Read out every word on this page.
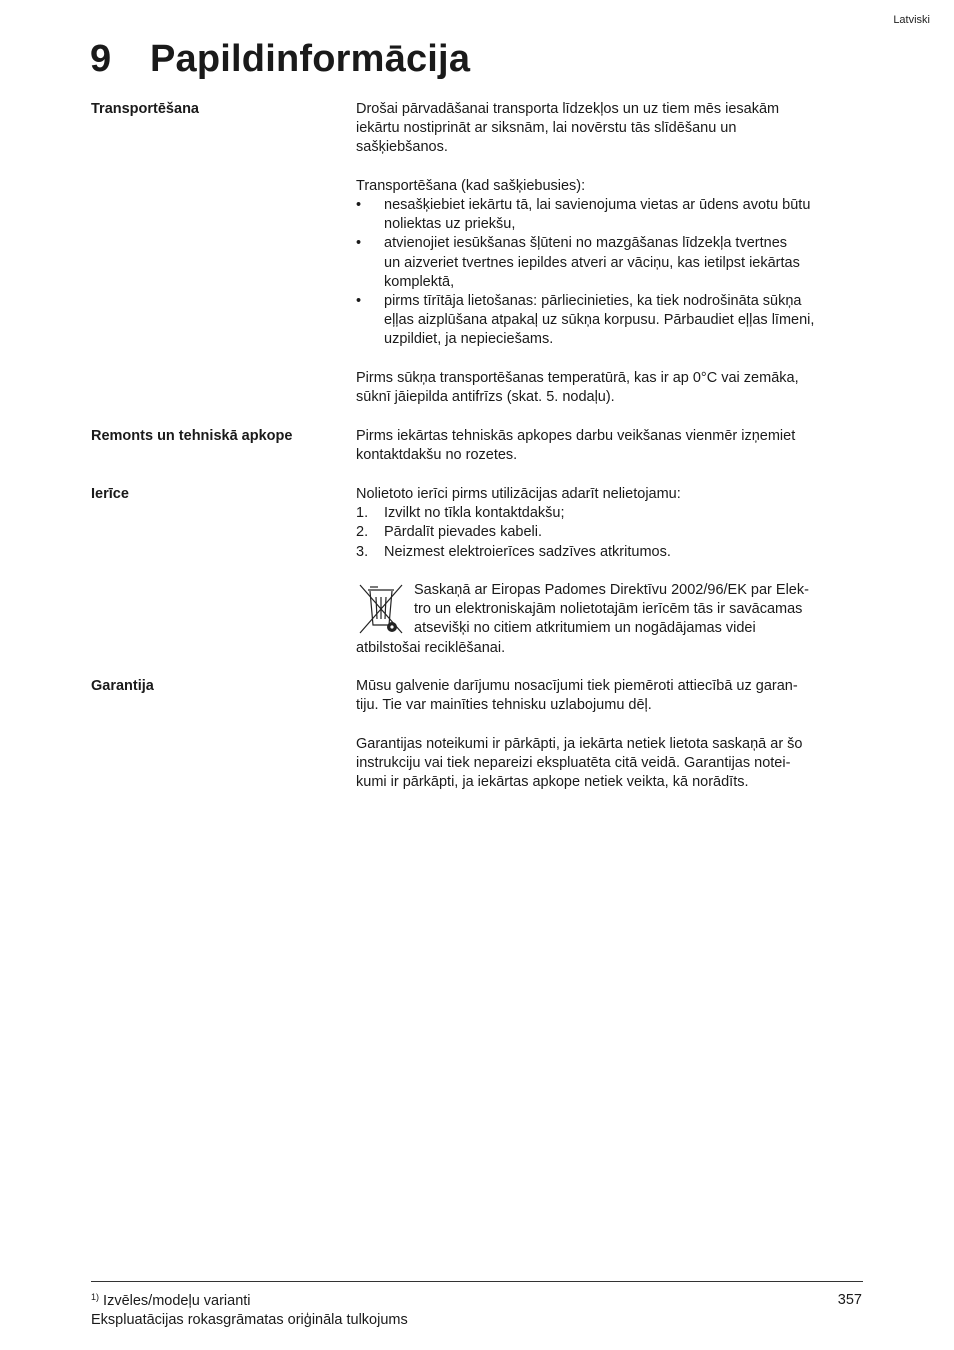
Latviski
9 Papildinformācija
Transportēšana	Drošai pārvadāšanai transporta līdzekļos un uz tiem mēs iesakām

iekārtu nostiprināt ar siksnām, lai novērstu tās slīdēšanu un

sašķiebšanos.

Transportēšana (kad sašķiebusies):

• nesašķiebiet iekārtu tā, lai savienojuma vietas ar ūdens avotu būtu

noliektas uz priekšu,

• atvienojiet iesūkšanas šļūteni no mazgāšanas līdzekļa tvertnes

un aizveriet tvertnes iepildes atveri ar vāciņu, kas ietilpst iekārtas

komplektā,

• pirms tīrītāja lietošanas: pārliecinieties, ka tiek nodrošināta sūkņa

eļļas aizplūšana atpakaļ uz sūkņa korpusu. Pārbaudiet eļļas līmeni,

uzpildiet, ja nepieciešams.

Pirms sūkņa transportēšanas temperatūrā, kas ir ap 0°C vai zemāka,

sūknī jāiepilda antifrīzs (skat. 5. nodaļu).

Remonts un tehniskā apkope	Pirms iekārtas tehniskās apkopes darbu veikšanas vienmēr izņemiet

kontaktdakšu no rozetes.

Ierīce	Nolietoto ierīci pirms utilizācijas adarīt nelietojamu:

1. Izvilkt no tīkla kontaktdakšu;

2. Pārdalīt pievades kabeli.

3. Neizmest elektroierīces sadzīves atkritumos.

Saskaņā ar Eiropas Padomes Direktīvu 2002/96/EK par Elek-

tro un elektroniskajām nolietotajām ierīcēm tās ir savācamas

atsevišķi no citiem atkritumiem un nogādājamas videi

atbilstošai reciklēšanai.

Garantija	Mūsu galvenie darījumu nosacījumi tiek piemēroti attiecībā uz garan-

tiju. Tie var mainīties tehnisku uzlabojumu dēļ.

Garantijas noteikumi ir pārkāpti, ja iekārta netiek lietota saskaņā ar šo

instrukciju vai tiek nepareizi ekspluatēta citā veidā. Garantijas notei-

kumi ir pārkāpti, ja iekārtas apkope netiek veikta, kā norādīts.

$^{1)}$ Izvēles/modeļu varianti	357
Ekspluatācijas rokasgrāmatas oriģināla tulkojums
